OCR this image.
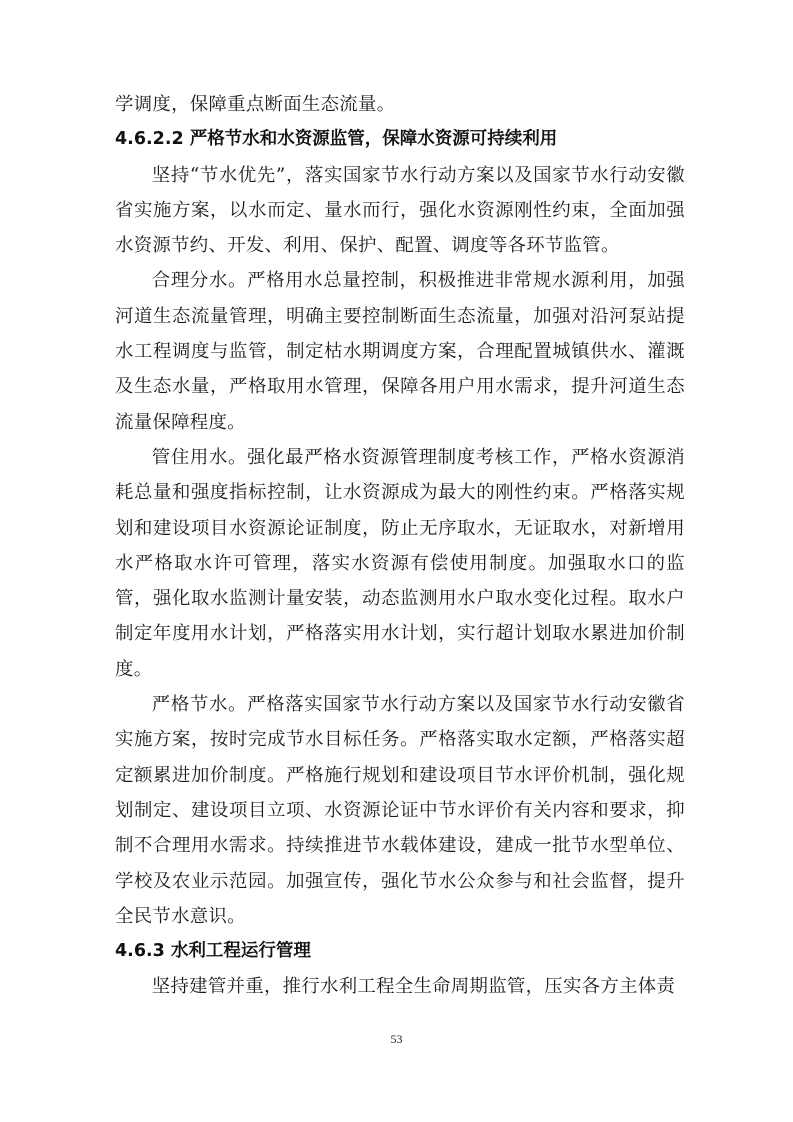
学调度，保障重点断面生态流量。

4.6.2.2 严格节水和水资源监管，保障水资源可持续利用

坚持“节水优先”，落实国家节水行动方案以及国家节水行动安徽省实施方案，以水而定、量水而行，强化水资源刚性约束，全面加强水资源节约、开发、利用、保护、配置、调度等各环节监管。

合理分水。严格用水总量控制，积极推进非常规水源利用，加强河道生态流量管理，明确主要控制断面生态流量，加强对沿河泵站提水工程调度与监管，制定枯水期调度方案，合理配置城镇供水、灌溉及生态水量，严格取用水管理，保障各用户用水需求，提升河道生态流量保障程度。

管住用水。强化最严格水资源管理制度考核工作，严格水资源消耗总量和强度指标控制，让水资源成为最大的刚性约束。严格落实规划和建设项目水资源论证制度，防止无序取水，无证取水，对新增用水严格取水许可管理，落实水资源有偿使用制度。加强取水口的监管，强化取水监测计量安装，动态监测用水户取水变化过程。取水户制定年度用水计划，严格落实用水计划，实行超计划取水累进加价制度。

严格节水。严格落实国家节水行动方案以及国家节水行动安徽省实施方案，按时完成节水目标任务。严格落实取水定额，严格落实超定额累进加价制度。严格施行规划和建设项目节水评价机制，强化规划制定、建设项目立项、水资源论证中节水评价有关内容和要求，抑制不合理用水需求。持续推进节水载体建设，建成一批节水型单位、学校及农业示范园。加强宣传，强化节水公众参与和社会监督，提升全民节水意识。

4.6.3 水利工程运行管理

坚持建管并重，推行水利工程全生命周期监管，压实各方主体责

53
